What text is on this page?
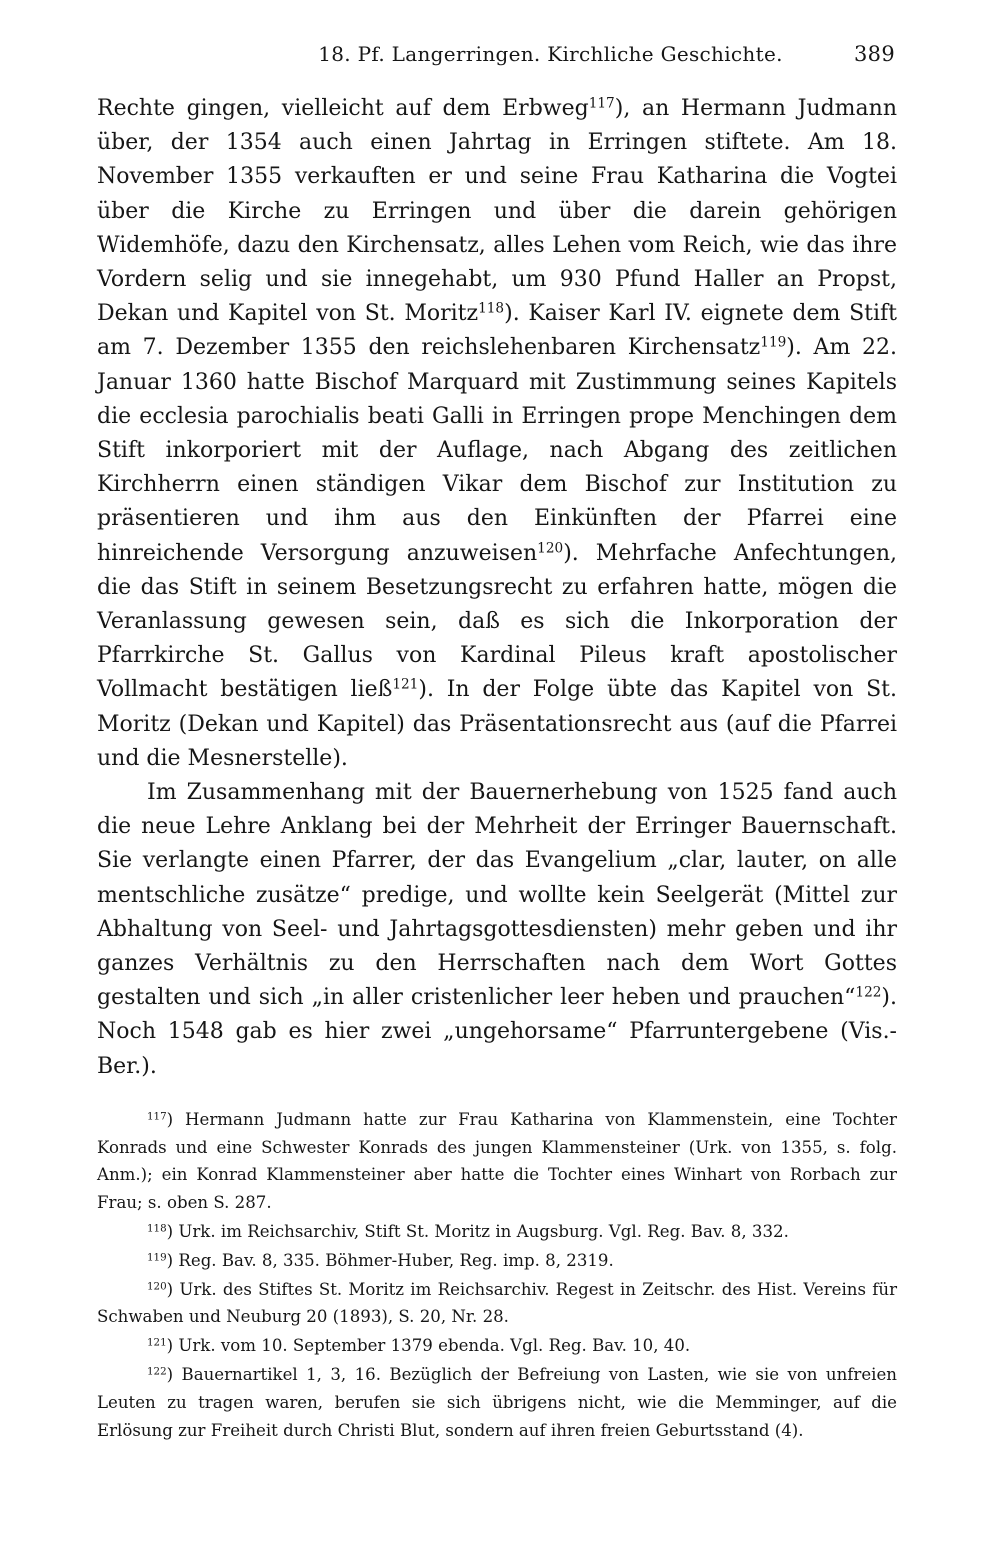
18. Pf. Langerringen. Kirchliche Geschichte.	389

Rechte gingen, vielleicht auf dem Erbweg$^{117}$), an Hermann Judmann über, der 1354 auch einen Jahrtag in Erringen stiftete. Am 18. November 1355 verkauften er und seine Frau Katharina die Vogtei über die Kirche zu Erringen und über die darein gehörigen Widemhöfe, dazu den Kirchensatz, alles Lehen vom Reich, wie das ihre Vordern selig und sie innegehabt, um 930 Pfund Haller an Propst, Dekan und Kapitel von St. Moritz$^{118}$). Kaiser Karl IV. eignete dem Stift am 7. Dezember 1355 den reichslehenbaren Kirchensatz$^{119}$). Am 22. Januar 1360 hatte Bischof Marquard mit Zustimmung seines Kapitels die ecclesia parochialis beati Galli in Erringen prope Menchingen dem Stift inkorporiert mit der Auflage, nach Abgang des zeitlichen Kirchherrn einen ständigen Vikar dem Bischof zur Institution zu präsentieren und ihm aus den Einkünften der Pfarrei eine hinreichende Versorgung anzuweisen$^{120}$). Mehrfache Anfechtungen, die das Stift in seinem Besetzungsrecht zu erfahren hatte, mögen die Veranlassung gewesen sein, daß es sich die Inkorporation der Pfarrkirche St. Gallus von Kardinal Pileus kraft apostolischer Vollmacht bestätigen ließ$^{121}$). In der Folge übte das Kapitel von St. Moritz (Dekan und Kapitel) das Präsentationsrecht aus (auf die Pfarrei und die Mesnerstelle).

Im Zusammenhang mit der Bauernerhebung von 1525 fand auch die neue Lehre Anklang bei der Mehrheit der Erringer Bauernschaft. Sie verlangte einen Pfarrer, der das Evangelium „clar, lauter, on alle mentschliche zusätze“ predige, und wollte kein Seelgerät (Mittel zur Abhaltung von Seel- und Jahrtagsgottesdiensten) mehr geben und ihr ganzes Verhältnis zu den Herrschaften nach dem Wort Gottes gestalten und sich „in aller cristenlicher leer heben und prauchen“$^{122}$). Noch 1548 gab es hier zwei „ungehorsame“ Pfarruntergebene (Vis.-Ber.).

$^{117}$) Hermann Judmann hatte zur Frau Katharina von Klammenstein, eine Tochter Konrads und eine Schwester Konrads des jungen Klammensteiner (Urk. von 1355, s. folg. Anm.); ein Konrad Klammensteiner aber hatte die Tochter eines Winhart von Rorbach zur Frau; s. oben S. 287.

$^{118}$) Urk. im Reichsarchiv, Stift St. Moritz in Augsburg. Vgl. Reg. Bav. 8, 332.

$^{119}$) Reg. Bav. 8, 335. Böhmer-Huber, Reg. imp. 8, 2319.

$^{120}$) Urk. des Stiftes St. Moritz im Reichsarchiv. Regest in Zeitschr. des Hist. Vereins für Schwaben und Neuburg 20 (1893), S. 20, Nr. 28.

$^{121}$) Urk. vom 10. September 1379 ebenda. Vgl. Reg. Bav. 10, 40.

$^{122}$) Bauernartikel 1, 3, 16. Bezüglich der Befreiung von Lasten, wie sie von unfreien Leuten zu tragen waren, berufen sie sich übrigens nicht, wie die Memminger, auf die Erlösung zur Freiheit durch Christi Blut, sondern auf ihren freien Geburtsstand (4).
